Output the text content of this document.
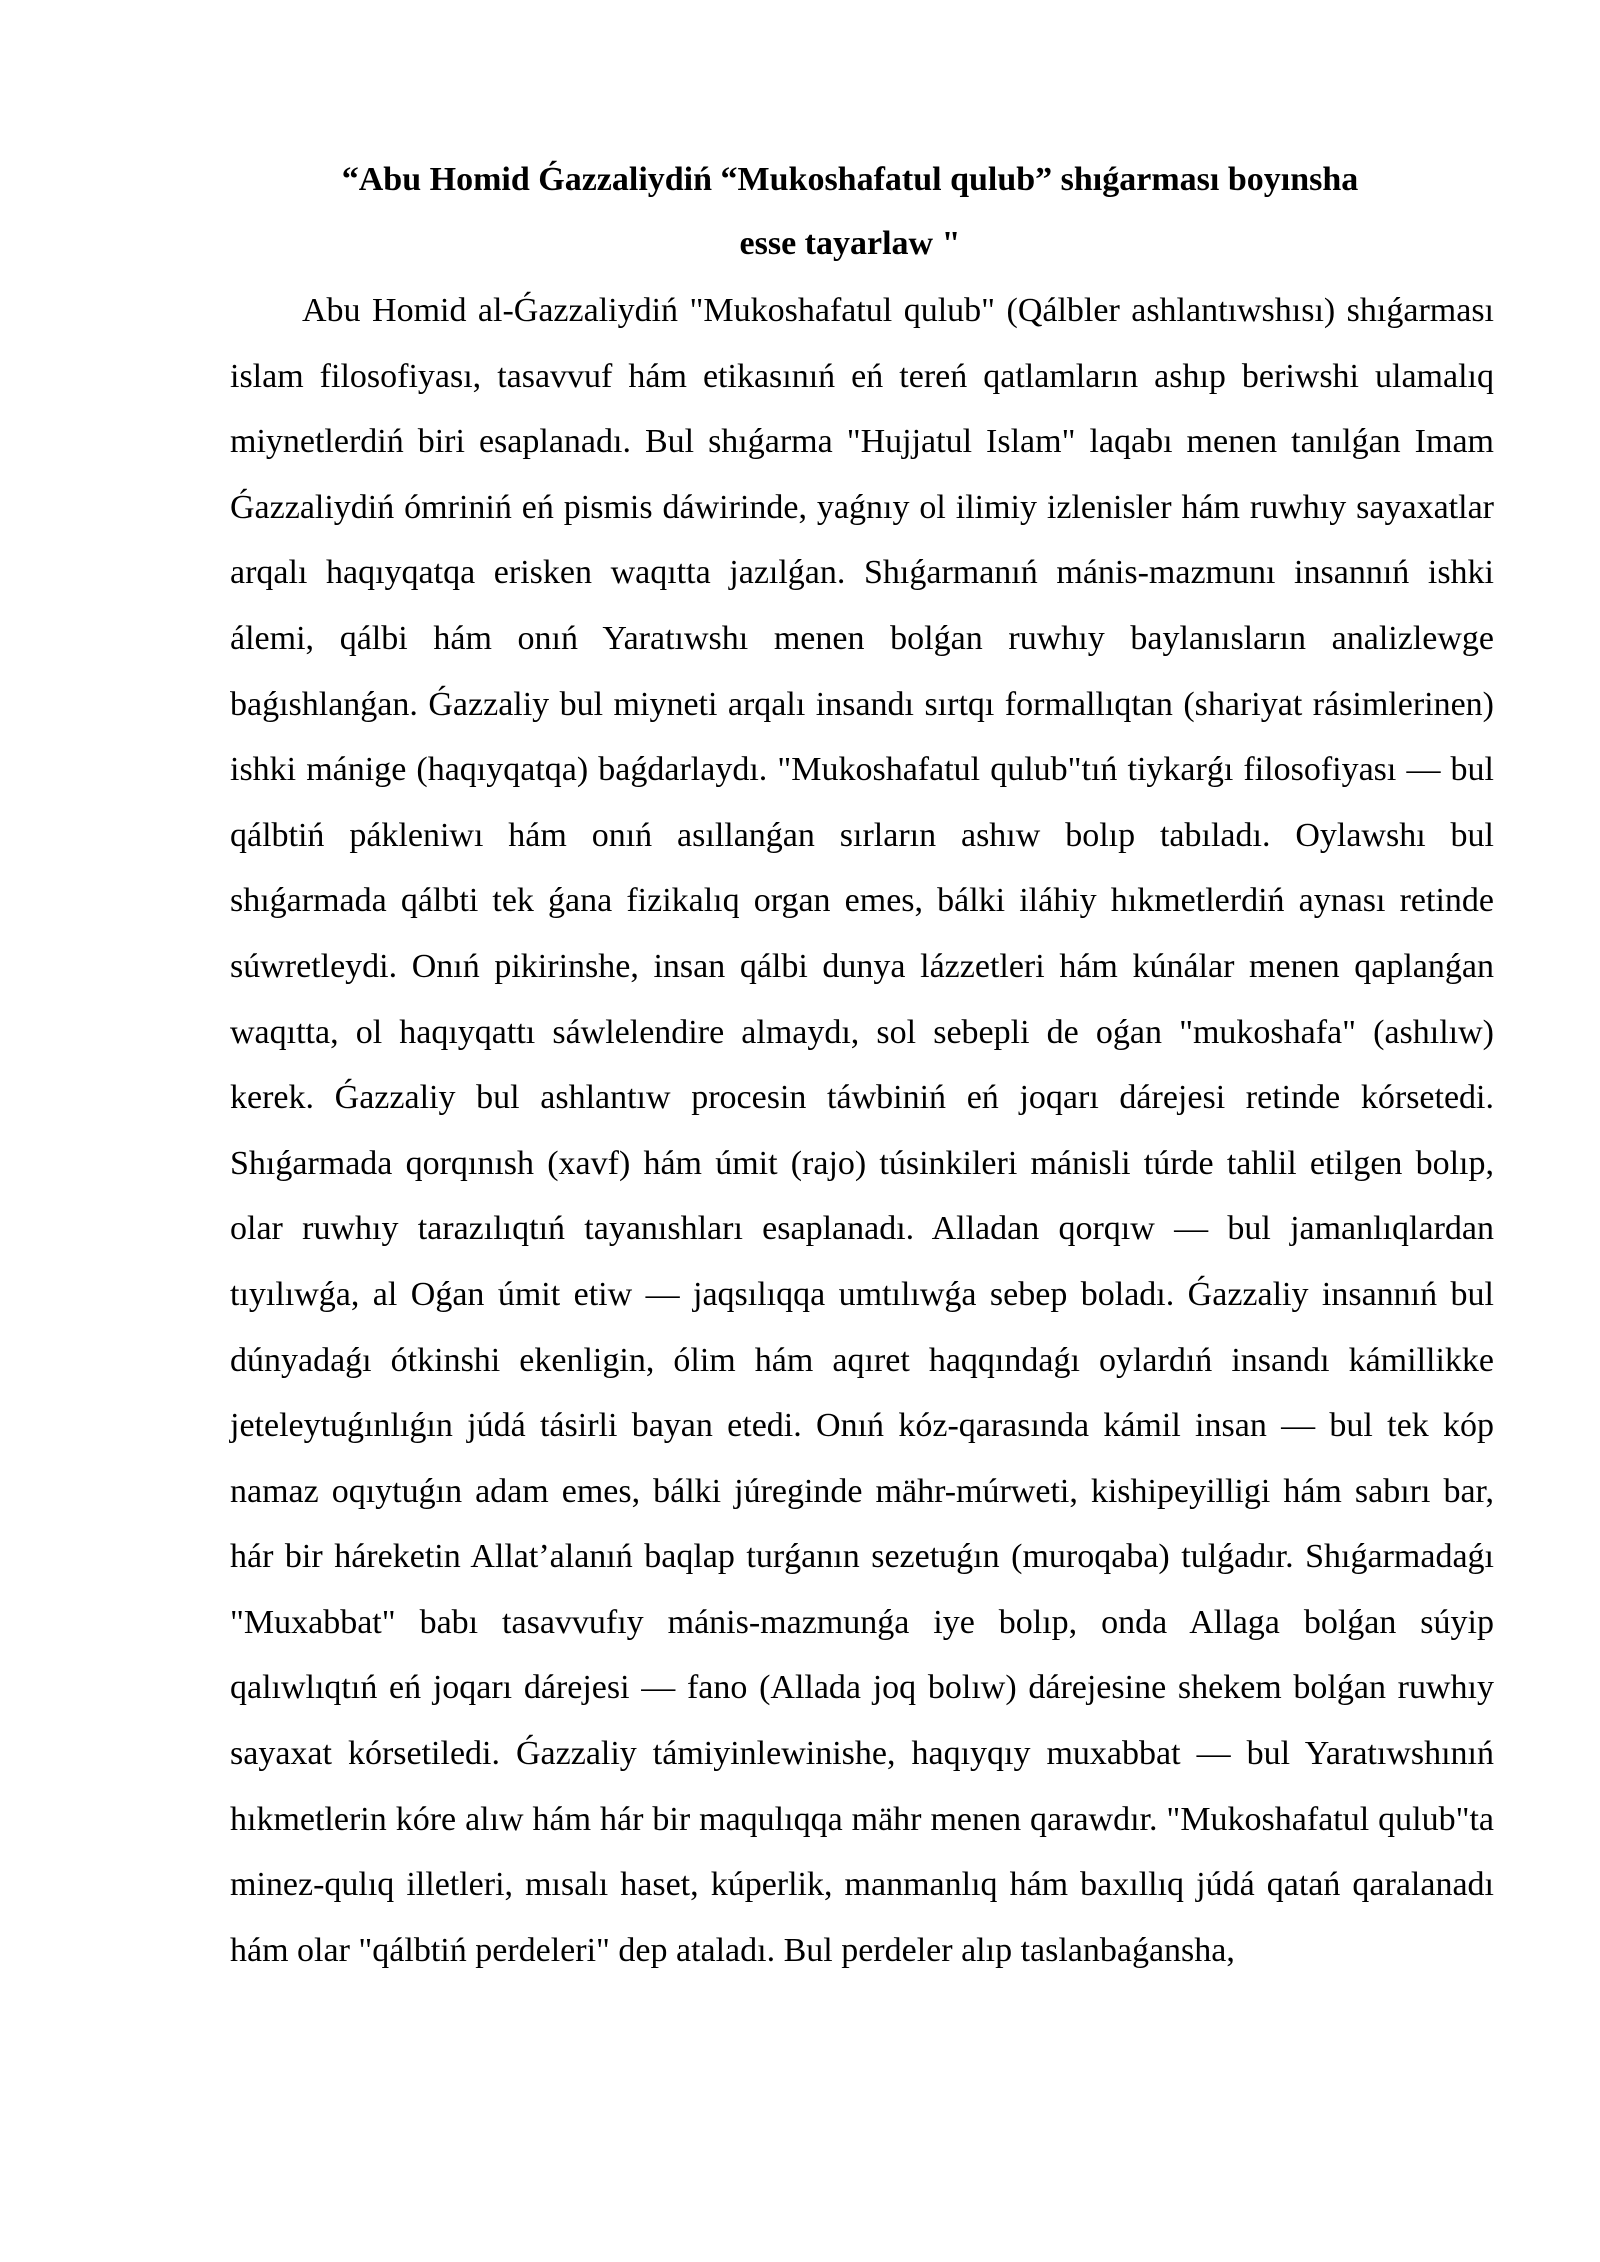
“Abu Homid Ǵazzaliydiń “Mukoshafatul qulub” shıǵarması boyınsha
esse tayarlaw "

Abu Homid al-Ǵazzaliydiń "Mukoshafatul qulub" (Qálbler ashlantıwshısı) shıǵarması islam filosofiyası, tasavvuf hám etikasınıń eń tereń qatlamların ashıp beriwshi ulamalıq miynetlerdiń biri esaplanadı. Bul shıǵarma "Hujjatul Islam" laqabı menen tanılǵan Imam Ǵazzaliydiń ómriniń eń pismis dáwirinde, yaǵnıy ol ilimiy izlenisler hám ruwhıy sayaxatlar arqalı haqıyqatqa erisken waqıtta jazılǵan. Shıǵarmanıń mánis-mazmunı insannıń ishki álemi, qálbi hám onıń Yaratıwshı menen bolǵan ruwhıy baylanısların analizlewge baǵıshlanǵan. Ǵazzaliy bul miyneti arqalı insandı sırtqı formallıqtan (shariyat rásimlerinen) ishki mánige (haqıyqatqa) baǵdarlaydı. "Mukoshafatul qulub"tıń tiykarǵı filosofiyası — bul qálbtiń pákleniwı hám onıń asıllanǵan sırların ashıw bolıp tabıladı. Oylawshı bul shıǵarmada qálbti tek ǵana fizikalıq organ emes, bálki iláhiy hıkmetlerdiń aynası retinde súwretleydi. Onıń pikirinshe, insan qálbi dunya lázzetleri hám kúnálar menen qaplanǵan waqıtta, ol haqıyqattı sáwlelendire almaydı, sol sebepli de oǵan "mukoshafa" (ashılıw) kerek. Ǵazzaliy bul ashlantıw procesin táwbiniń eń joqarı dárejesi retinde kórsetedi. Shıǵarmada qorqınısh (xavf) hám úmit (rajo) túsinkileri mánisli túrde tahlil etilgen bolıp, olar ruwhıy tarazılıqtıń tayanıshları esaplanadı. Alladan qorqıw — bul jamanlıqlardan tıyılıwǵa, al Oǵan úmit etiw — jaqsılıqqa umtılıwǵa sebep boladı. Ǵazzaliy insannıń bul dúnyadaǵı ótkinshi ekenligin, ólim hám aqıret haqqındaǵı oylardıń insandı kámillikke jeteleytuǵınlıǵın júdá tásirli bayan etedi. Onıń kóz-qarasında kámil insan — bul tek kóp namaz oqıytuǵın adam emes, bálki júreginde mähr-múrweti, kishipeyilligi hám sabırı bar, hár bir háreketin Allat’alanıń baqlap turǵanın sezetuǵın (muroqaba) tulǵadır. Shıǵarmadaǵı "Muxabbat" babı tasavvufıy mánis-mazmunǵa iye bolıp, onda Allaga bolǵan súyip qalıwlıqtıń eń joqarı dárejesi — fano (Allada joq bolıw) dárejesine shekem bolǵan ruwhıy sayaxat kórsetiledi. Ǵazzaliy támiyinlewinishe, haqıyqıy muxabbat — bul Yaratıwshınıń hıkmetlerin kóre alıw hám hár bir maqulıqqa mähr menen qarawdır. "Mukoshafatul qulub"ta minez-qulıq illetleri, mısalı haset, kúperlik, manmanlıq hám baxıllıq júdá qatań qaralanadı hám olar "qálbtiń perdeleri" dep ataladı. Bul perdeler alıp taslanbaǵansha,
